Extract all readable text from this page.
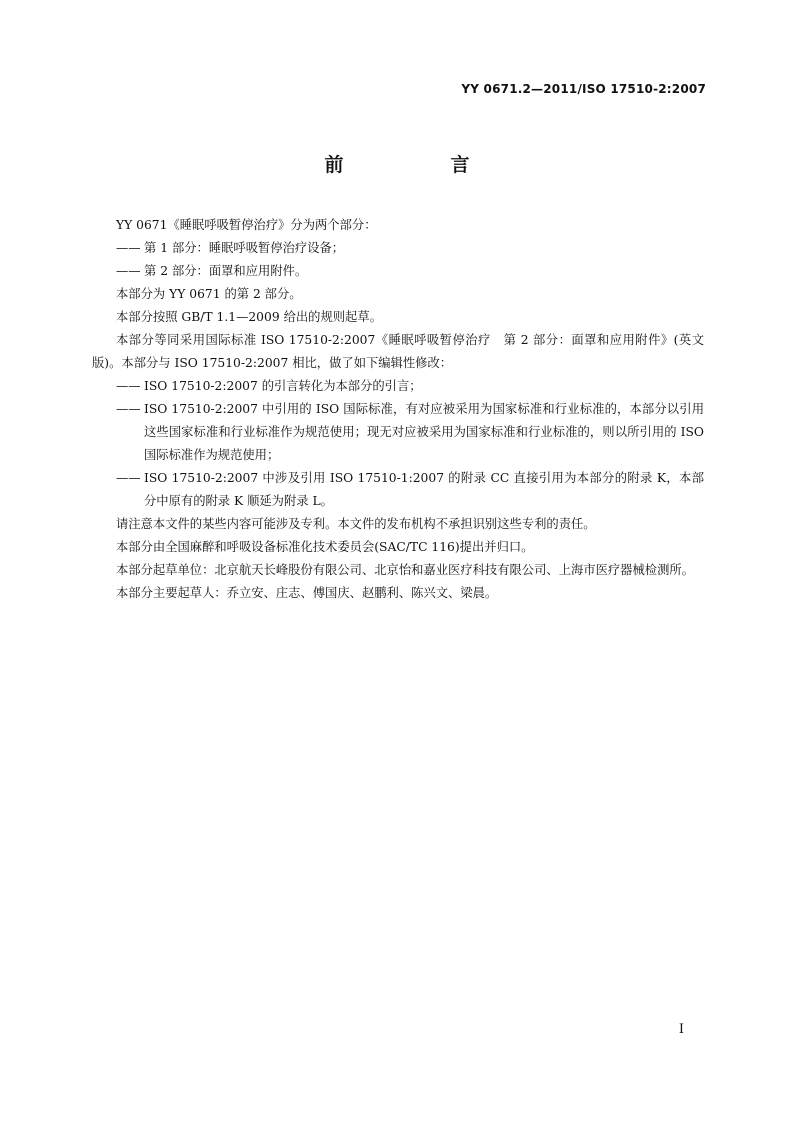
YY 0671.2—2011/ISO 17510-2:2007
前　言

YY 0671《睡眠呼吸暂停治疗》分为两个部分：

—— 第 1 部分：睡眠呼吸暂停治疗设备；

—— 第 2 部分：面罩和应用附件。

本部分为 YY 0671 的第 2 部分。

本部分按照 GB/T 1.1—2009 给出的规则起草。

本部分等同采用国际标准 ISO 17510-2:2007《睡眠呼吸暂停治疗　第 2 部分：面罩和应用附件》(英文版)。本部分与 ISO 17510-2:2007 相比，做了如下编辑性修改：

—— ISO 17510-2:2007 的引言转化为本部分的引言；

—— ISO 17510-2:2007 中引用的 ISO 国际标准，有对应被采用为国家标准和行业标准的，本部分以引用这些国家标准和行业标准作为规范使用；现无对应被采用为国家标准和行业标准的，则以所引用的 ISO 国际标准作为规范使用；

—— ISO 17510-2:2007 中涉及引用 ISO 17510-1:2007 的附录 CC 直接引用为本部分的附录 K，本部分中原有的附录 K 顺延为附录 L。

请注意本文件的某些内容可能涉及专利。本文件的发布机构不承担识别这些专利的责任。

本部分由全国麻醉和呼吸设备标准化技术委员会(SAC/TC 116)提出并归口。

本部分起草单位：北京航天长峰股份有限公司、北京怡和嘉业医疗科技有限公司、上海市医疗器械检测所。

本部分主要起草人：乔立安、庄志、傅国庆、赵鹏利、陈兴文、梁晨。

I
